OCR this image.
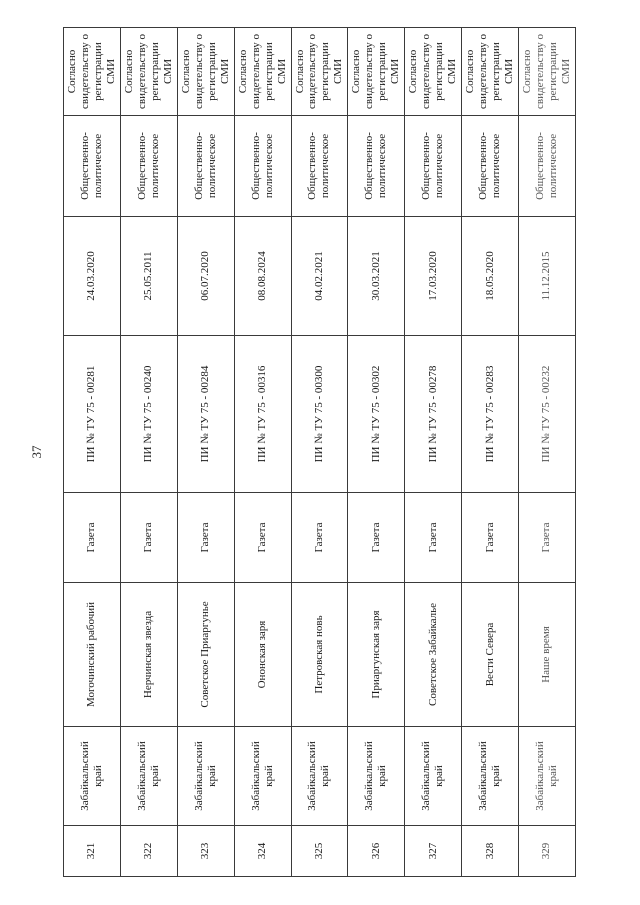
37
321	Забайкальский край	Могочинский рабочий	Газета	ПИ № ТУ 75 - 00281	24.03.2020	Общественно-политическое	Согласно свидетельству о регистрации СМИ
322	Забайкальский край	Нерчинская звезда	Газета	ПИ № ТУ 75 - 00240	25.05.2011	Общественно-политическое	Согласно свидетельству о регистрации СМИ
323	Забайкальский край	Советское Приаргунье	Газета	ПИ № ТУ 75 - 00284	06.07.2020	Общественно-политическое	Согласно свидетельству о регистрации СМИ
324	Забайкальский край	Ононская заря	Газета	ПИ № ТУ 75 - 00316	08.08.2024	Общественно-политическое	Согласно свидетельству о регистрации СМИ
325	Забайкальский край	Петровская новь	Газета	ПИ № ТУ 75 - 00300	04.02.2021	Общественно-политическое	Согласно свидетельству о регистрации СМИ
326	Забайкальский край	Приаргунская заря	Газета	ПИ № ТУ 75 - 00302	30.03.2021	Общественно-политическое	Согласно свидетельству о регистрации СМИ
327	Забайкальский край	Советское Забайкалье	Газета	ПИ № ТУ 75 - 00278	17.03.2020	Общественно-политическое	Согласно свидетельству о регистрации СМИ
328	Забайкальский край	Вести Севера	Газета	ПИ № ТУ 75 - 00283	18.05.2020	Общественно-политическое	Согласно свидетельству о регистрации СМИ
329	Забайкальский край	Наше время	Газета	ПИ № ТУ 75 - 00232	11.12.2015	Общественно-политическое	Согласно свидетельству о регистрации СМИ
